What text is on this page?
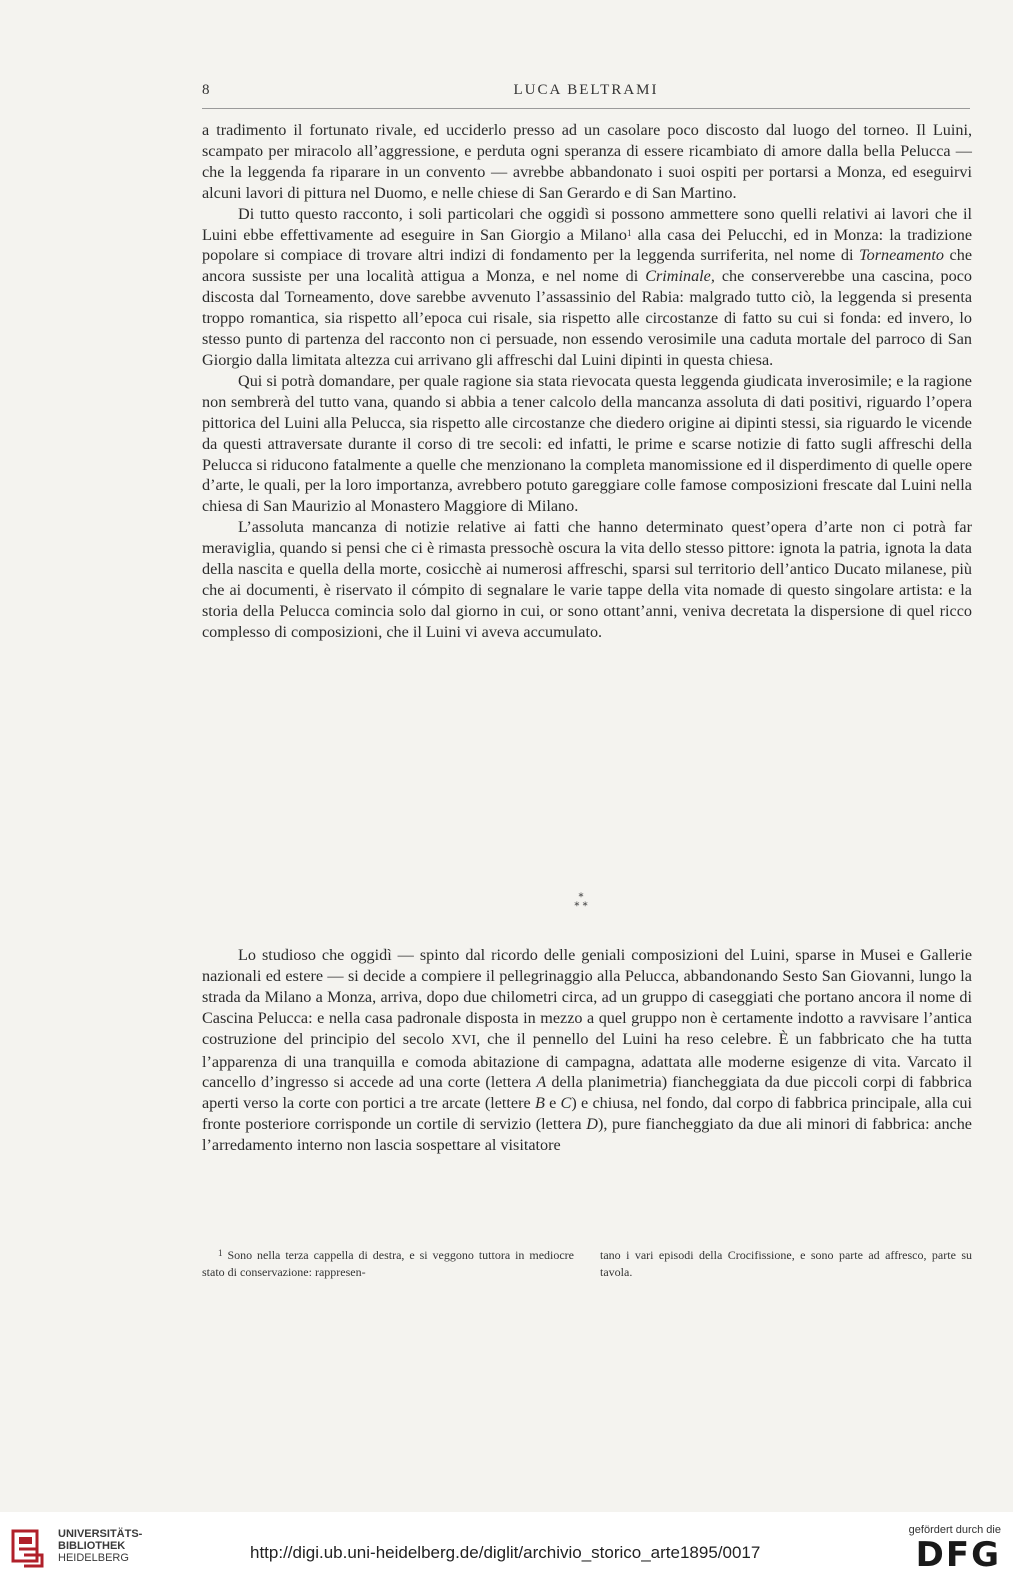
8	LUCA BELTRAMI

a tradimento il fortunato rivale, ed ucciderlo presso ad un casolare poco discosto dal luogo del torneo. Il Luini, scampato per miracolo all’aggressione, e perduta ogni speranza di essere ricambiato di amore dalla bella Pelucca — che la leggenda fa riparare in un convento — avrebbe abbandonato i suoi ospiti per portarsi a Monza, ed eseguirvi alcuni lavori di pittura nel Duomo, e nelle chiese di San Gerardo e di San Martino.

Di tutto questo racconto, i soli particolari che oggidì si possono ammettere sono quelli relativi ai lavori che il Luini ebbe effettivamente ad eseguire in San Giorgio a Milano$^1$ alla casa dei Pelucchi, ed in Monza: la tradizione popolare si compiace di trovare altri indizi di fondamento per la leggenda surriferita, nel nome di Torneamento che ancora sussiste per una località attigua a Monza, e nel nome di Criminale, che conserverebbe una cascina, poco discosta dal Torneamento, dove sarebbe avvenuto l’assassinio del Rabia: malgrado tutto ciò, la leggenda si presenta troppo romantica, sia rispetto all’epoca cui risale, sia rispetto alle circostanze di fatto su cui si fonda: ed invero, lo stesso punto di partenza del racconto non ci persuade, non essendo verosimile una caduta mortale del parroco di San Giorgio dalla limitata altezza cui arrivano gli affreschi dal Luini dipinti in questa chiesa.

Qui si potrà domandare, per quale ragione sia stata rievocata questa leggenda giudicata inverosimile; e la ragione non sembrerà del tutto vana, quando si abbia a tener calcolo della mancanza assoluta di dati positivi, riguardo l’opera pittorica del Luini alla Pelucca, sia rispetto alle circostanze che diedero origine ai dipinti stessi, sia riguardo le vicende da questi attraversate durante il corso di tre secoli: ed infatti, le prime e scarse notizie di fatto sugli affreschi della Pelucca si riducono fatalmente a quelle che menzionano la completa manomissione ed il disperdimento di quelle opere d’arte, le quali, per la loro importanza, avrebbero potuto gareggiare colle famose composizioni frescate dal Luini nella chiesa di San Maurizio al Monastero Maggiore di Milano.

L’assoluta mancanza di notizie relative ai fatti che hanno determinato quest’opera d’arte non ci potrà far meraviglia, quando si pensi che ci è rimasta pressochè oscura la vita dello stesso pittore: ignota la patria, ignota la data della nascita e quella della morte, cosicchè ai numerosi affreschi, sparsi sul territorio dell’antico Ducato milanese, più che ai documenti, è riservato il cómpito di segnalare le varie tappe della vita nomade di questo singolare artista: e la storia della Pelucca comincia solo dal giorno in cui, or sono ottant’anni, veniva decretata la dispersione di quel ricco complesso di composizioni, che il Luini vi aveva accumulato.

*
* *

Lo studioso che oggidì — spinto dal ricordo delle geniali composizioni del Luini, sparse in Musei e Gallerie nazionali ed estere — si decide a compiere il pellegrinaggio alla Pelucca, abbandonando Sesto San Giovanni, lungo la strada da Milano a Monza, arriva, dopo due chilometri circa, ad un gruppo di caseggiati che portano ancora il nome di Cascina Pelucca: e nella casa padronale disposta in mezzo a quel gruppo non è certamente indotto a ravvisare l’antica costruzione del principio del secolo XVI, che il pennello del Luini ha reso celebre. È un fabbricato che ha tutta l’apparenza di una tranquilla e comoda abitazione di campagna, adattata alle moderne esigenze di vita. Varcato il cancello d’ingresso si accede ad una corte (lettera A della planimetria) fiancheggiata da due piccoli corpi di fabbrica aperti verso la corte con portici a tre arcate (lettere B e C) e chiusa, nel fondo, dal corpo di fabbrica principale, alla cui fronte posteriore corrisponde un cortile di servizio (lettera D), pure fiancheggiato da due ali minori di fabbrica: anche l’arredamento interno non lascia sospettare al visitatore

$^1$ Sono nella terza cappella di destra, e si veggono tuttora in mediocre stato di conservazione: rappresen-
tano i vari episodi della Crocifissione, e sono parte ad affresco, parte su tavola.
UNIVERSITÄTS-
BIBLIOTHEK
HEIDELBERG	http://digi.ub.uni-heidelberg.de/diglit/archivio_storico_arte1895/0017
gefördert durch die
DFG
